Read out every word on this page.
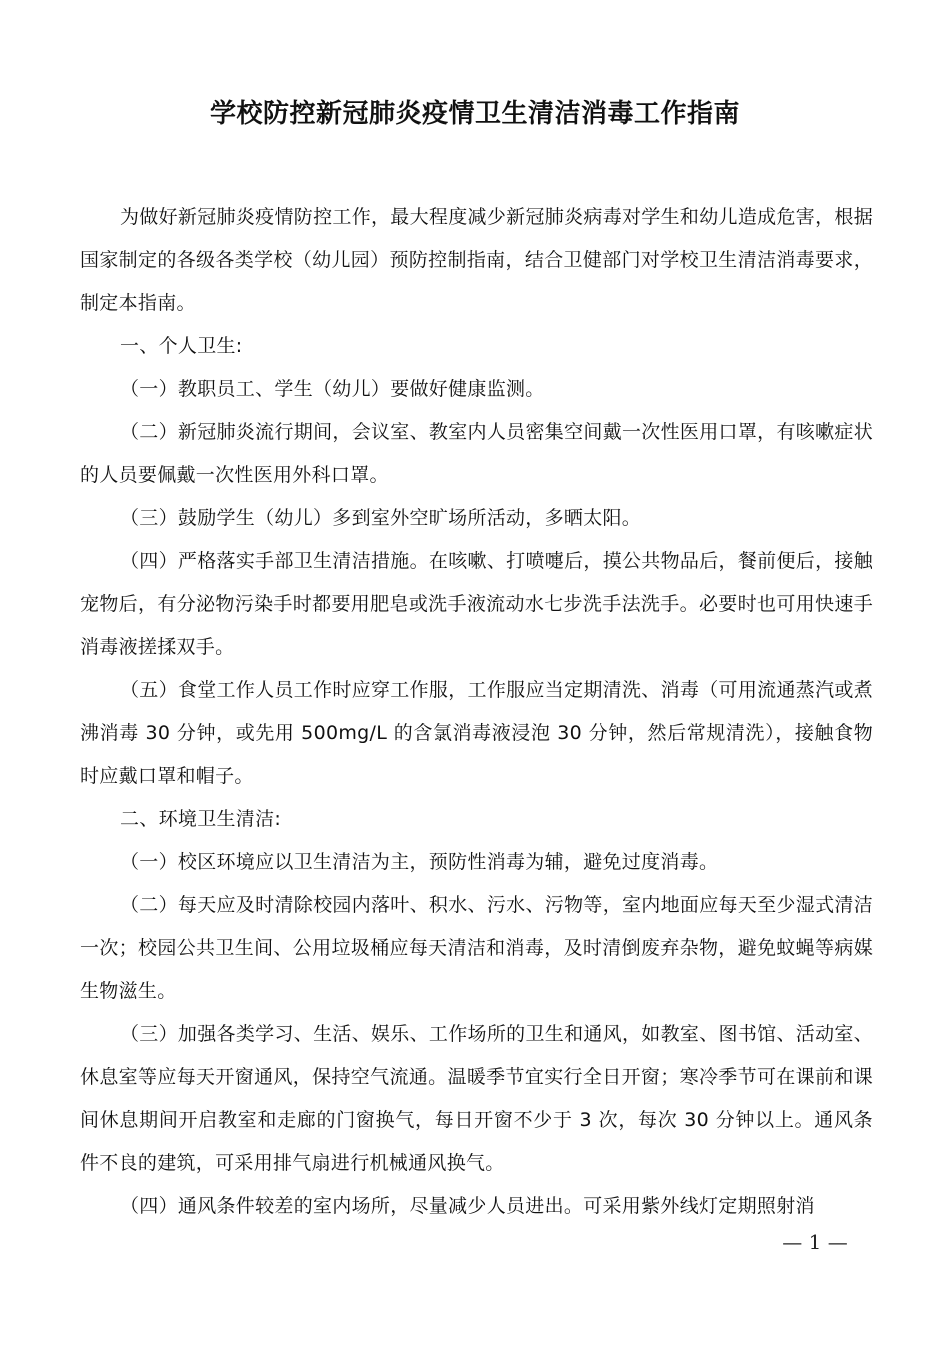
学校防控新冠肺炎疫情卫生清洁消毒工作指南

为做好新冠肺炎疫情防控工作，最大程度减少新冠肺炎病毒对学生和幼儿造成危害，根据国家制定的各级各类学校（幼儿园）预防控制指南，结合卫健部门对学校卫生清洁消毒要求，制定本指南。

一、个人卫生:

（一）教职员工、学生（幼儿）要做好健康监测。

（二）新冠肺炎流行期间，会议室、教室内人员密集空间戴一次性医用口罩，有咳嗽症状的人员要佩戴一次性医用外科口罩。

（三）鼓励学生（幼儿）多到室外空旷场所活动，多晒太阳。

（四）严格落实手部卫生清洁措施。在咳嗽、打喷嚏后，摸公共物品后，餐前便后，接触宠物后，有分泌物污染手时都要用肥皂或洗手液流动水七步洗手法洗手。必要时也可用快速手消毒液搓揉双手。

（五）食堂工作人员工作时应穿工作服，工作服应当定期清洗、消毒（可用流通蒸汽或煮沸消毒 30 分钟，或先用 500mg/L 的含氯消毒液浸泡 30 分钟，然后常规清洗），接触食物时应戴口罩和帽子。

二、环境卫生清洁:

（一）校区环境应以卫生清洁为主，预防性消毒为辅，避免过度消毒。

（二）每天应及时清除校园内落叶、积水、污水、污物等，室内地面应每天至少湿式清洁一次；校园公共卫生间、公用垃圾桶应每天清洁和消毒，及时清倒废弃杂物，避免蚊蝇等病媒生物滋生。

（三）加强各类学习、生活、娱乐、工作场所的卫生和通风，如教室、图书馆、活动室、休息室等应每天开窗通风，保持空气流通。温暖季节宜实行全日开窗；寒冷季节可在课前和课间休息期间开启教室和走廊的门窗换气，每日开窗不少于 3 次，每次 30 分钟以上。通风条件不良的建筑，可采用排气扇进行机械通风换气。

（四）通风条件较差的室内场所，尽量减少人员进出。可采用紫外线灯定期照射消

— 1 —
